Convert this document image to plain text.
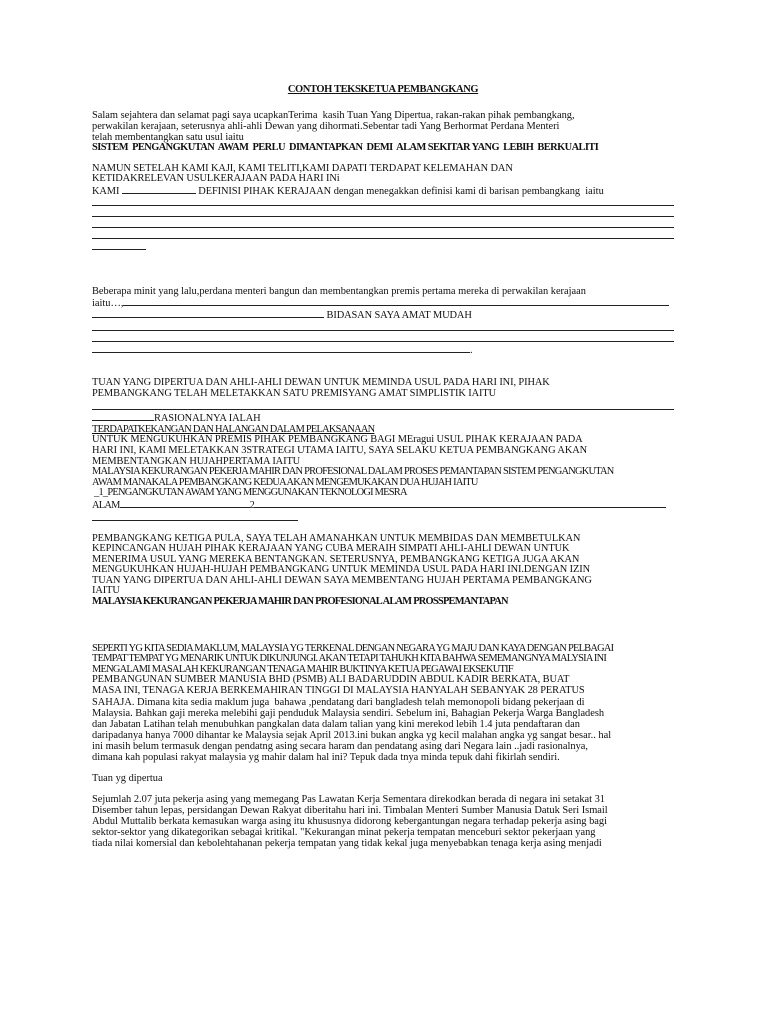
CONTOH TEKSKETUA PEMBANGKANG
Salam sejahtera dan selamat pagi saya ucapkanTerima  kasih Tuan Yang Dipertua, rakan-rakan pihak pembangkang,
perwakilan kerajaan, seterusnya ahli-ahli Dewan yang dihormati.Sebentar tadi Yang Berhormat Perdana Menteri
telah membentangkan satu usul iaitu
SISTEM  PENGANGKUTAN  AWAM  PERLU  DIMANTAPKAN  DEMI  ALAM SEKITAR YANG  LEBIH  BERKUALITI
NAMUN SETELAH KAMI KAJI, KAMI TELITI,KAMI DAPATI TERDAPAT KELEMAHAN DAN
KETIDAKRELEVAN USULKERAJAAN PADA HARI INi
KAMI	DEFINISI PIHAK KERAJAAN dengan menegakkan definisi kami di barisan pembangkang  iaitu
Beberapa minit yang lalu,perdana menteri bangun dan membentangkan premis pertama mereka di perwakilan kerajaan
iaitu…,
BIDASAN SAYA AMAT MUDAH
.
TUAN YANG DIPERTUA DAN AHLI-AHLI DEWAN UNTUK MEMINDA USUL PADA HARI INI, PIHAK
PEMBANGKANG TELAH MELETAKKAN SATU PREMISYANG AMAT SIMPLISTIK IAITU
RASIONALNYA IALAH
TERDAPATKEKANGAN DAN HALANGAN DALAM PELAKSANAAN
UNTUK MENGUKUHKAN PREMIS PIHAK PEMBANGKANG BAGI MEragui USUL PIHAK KERAJAAN PADA
HARI INI, KAMI MELETAKKAN 3STRATEGI UTAMA IAITU, SAYA SELAKU KETUA PEMBANGKANG AKAN
MEMBENTANGKAN HUJAHPERTAMA IAITU
MALAYSIA KEKURANGAN PEKERJA MAHIR DAN PROFESIONAL DALAM PROSES PEMANTAPAN SISTEM PENGANGKUTAN
AWAM MANAKALA PEMBANGKANG KEDUA AKAN MENGEMUKAKAN DUA HUJAH IAITU
_1_PENGANGKUTAN AWAM YANG MENGGUNAKAN TEKNOLOGI MESRA
ALAM	2
PEMBANGKANG KETIGA PULA, SAYA TELAH AMANAHKAN UNTUK MEMBIDAS DAN MEMBETULKAN
KEPINCANGAN HUJAH PIHAK KERAJAAN YANG CUBA MERAIH SIMPATI AHLI-AHLI DEWAN UNTUK
MENERIMA USUL YANG MEREKA BENTANGKAN. SETERUSNYA, PEMBANGKANG KETIGA JUGA AKAN
MENGUKUHKAN HUJAH-HUJAH PEMBANGKANG UNTUK MEMINDA USUL PADA HARI INI.DENGAN IZIN
TUAN YANG DIPERTUA DAN AHLI-AHLI DEWAN SAYA MEMBENTANG HUJAH PERTAMA PEMBANGKANG
IAITU
MALAYSIA KEKURANGAN PEKERJA MAHIR DAN PROFESIONAL ALAM PROSSPEMANTAPAN
SEPERTI YG KITA SEDIA MAKLUM, MALAYSIA YG TERKENAL DENGAN NEGARA YG MAJU DAN KAYA DENGAN PELBAGAI
TEMPAT TEMPAT YG MENARIK UNTUK DIKUNJUNGI. AKAN TETAPI TAHUKH KITA BAHWA SEMEMANGNYA MALYSIA INI
MENGALAMI MASALAH KEKURANGAN TENAGA MAHIR BUKTINYA KETUA PEGAWAI EKSEKUTIF
PEMBANGUNAN SUMBER MANUSIA BHD (PSMB) ALI BADARUDDIN ABDUL KADIR BERKATA, BUAT
MASA INI, TENAGA KERJA BERKEMAHIRAN TINGGI DI MALAYSIA HANYALAH SEBANYAK 28 PERATUS
SAHAJA. Dimana kita sedia maklum juga  bahawa ,pendatang dari bangladesh telah memonopoli bidang pekerjaan di
Malaysia. Bahkan gaji mereka melebihi gaji penduduk Malaysia sendiri. Sebelum ini, Bahagian Pekerja Warga Bangladesh
dan Jabatan Latihan telah menubuhkan pangkalan data dalam talian yang kini merekod lebih 1.4 juta pendaftaran dan
daripadanya hanya 7000 dihantar ke Malaysia sejak April 2013.ini bukan angka yg kecil malahan angka yg sangat besar.. hal
ini masih belum termasuk dengan pendatng asing secara haram dan pendatang asing dari Negara lain ..jadi rasionalnya,
dimana kah populasi rakyat malaysia yg mahir dalam hal ini? Tepuk dada tnya minda tepuk dahi fikirlah sendiri.
Tuan yg dipertua
Sejumlah 2.07 juta pekerja asing yang memegang Pas Lawatan Kerja Sementara direkodkan berada di negara ini setakat 31
Disember tahun lepas, persidangan Dewan Rakyat diberitahu hari ini. Timbalan Menteri Sumber Manusia Datuk Seri Ismail
Abdul Muttalib berkata kemasukan warga asing itu khususnya didorong kebergantungan negara terhadap pekerja asing bagi
sektor-sektor yang dikategorikan sebagai kritikal. "Kekurangan minat pekerja tempatan menceburi sektor pekerjaan yang
tiada nilai komersial dan kebolehtahanan pekerja tempatan yang tidak kekal juga menyebabkan tenaga kerja asing menjadi
